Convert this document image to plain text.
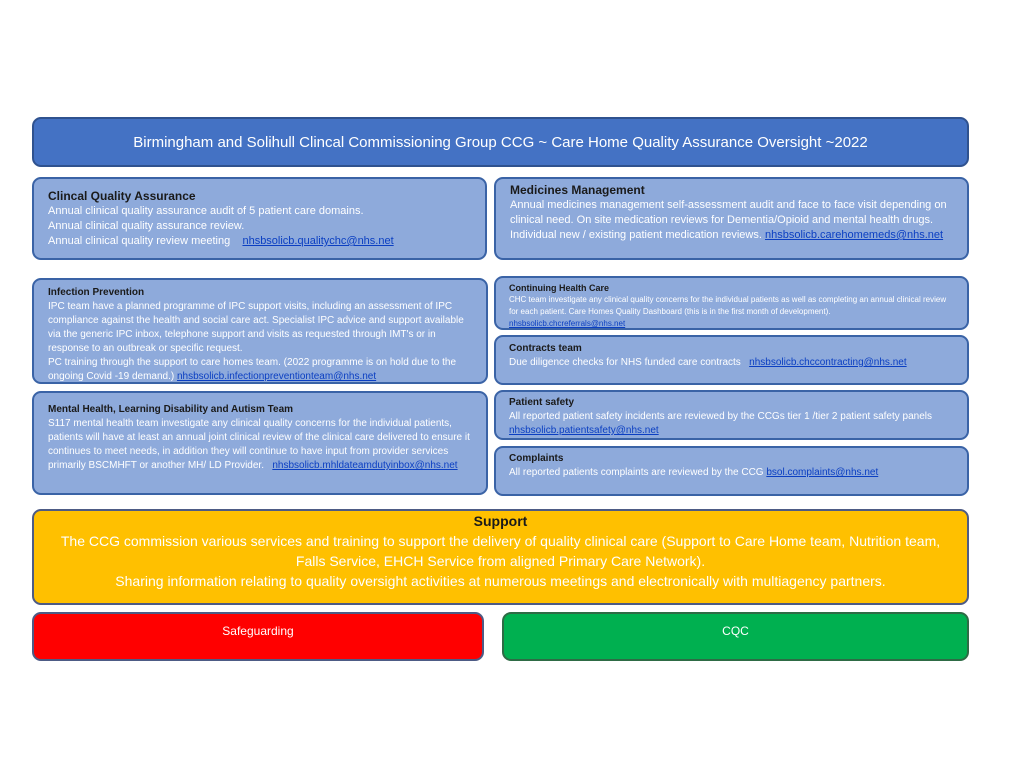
Birmingham and Solihull Clincal Commissioning Group CCG ~ Care Home Quality Assurance Oversight ~2022
Clincal Quality Assurance
Annual clinical quality assurance audit of 5 patient care domains.
Annual clinical quality assurance review.
Annual clinical quality review meeting nhsbsolicb.qualitychc@nhs.net
Medicines Management
Annual medicines management self-assessment audit and face to face visit depending on clinical need. On site medication reviews for Dementia/Opioid and mental health drugs. Individual new / existing patient medication reviews. nhsbsolicb.carehomemeds@nhs.net
Infection Prevention
IPC team have a planned programme of IPC support visits, including an assessment of IPC compliance against the health and social care act. Specialist IPC advice and support available via the generic IPC inbox, telephone support and visits as requested through IMT's or in response to an outbreak or specific request.
PC training through the support to care homes team. (2022 programme is on hold due to the ongoing Covid -19 demand.) nhsbsolicb.infectionpreventionteam@nhs.net
Continuing Health Care
CHC team investigate any clinical quality concerns for the individual patients as well as completing an annual clinical review for each patient. Care Homes Quality Dashboard (this is in the first month of development).
nhsbsolicb.chcreferrals@nhs.net
Contracts team
Due diligence checks for NHS funded care contracts nhsbsolicb.chccontracting@nhs.net
Mental Health, Learning Disability and Autism Team
S117 mental health team investigate any clinical quality concerns for the individual patients, patients will have at least an annual joint clinical review of the clinical care delivered to ensure it continues to meet needs, in addition they will continue to have input from provider services primarily BSCMHFT or another MH/ LD Provider. nhsbsolicb.mhldateamdutyinbox@nhs.net
Patient safety
All reported patient safety incidents are reviewed by the CCGs tier 1 /tier 2 patient safety panels nhsbsolicb.patientsafety@nhs.net
Complaints
All reported patients complaints are reviewed by the CCG bsol.complaints@nhs.net
Support
The CCG commission various services and training to support the delivery of quality clinical care (Support to Care Home team, Nutrition team, Falls Service, EHCH Service from aligned Primary Care Network).
Sharing information relating to quality oversight activities at numerous meetings and electronically with multiagency partners.
Safeguarding	CQC
